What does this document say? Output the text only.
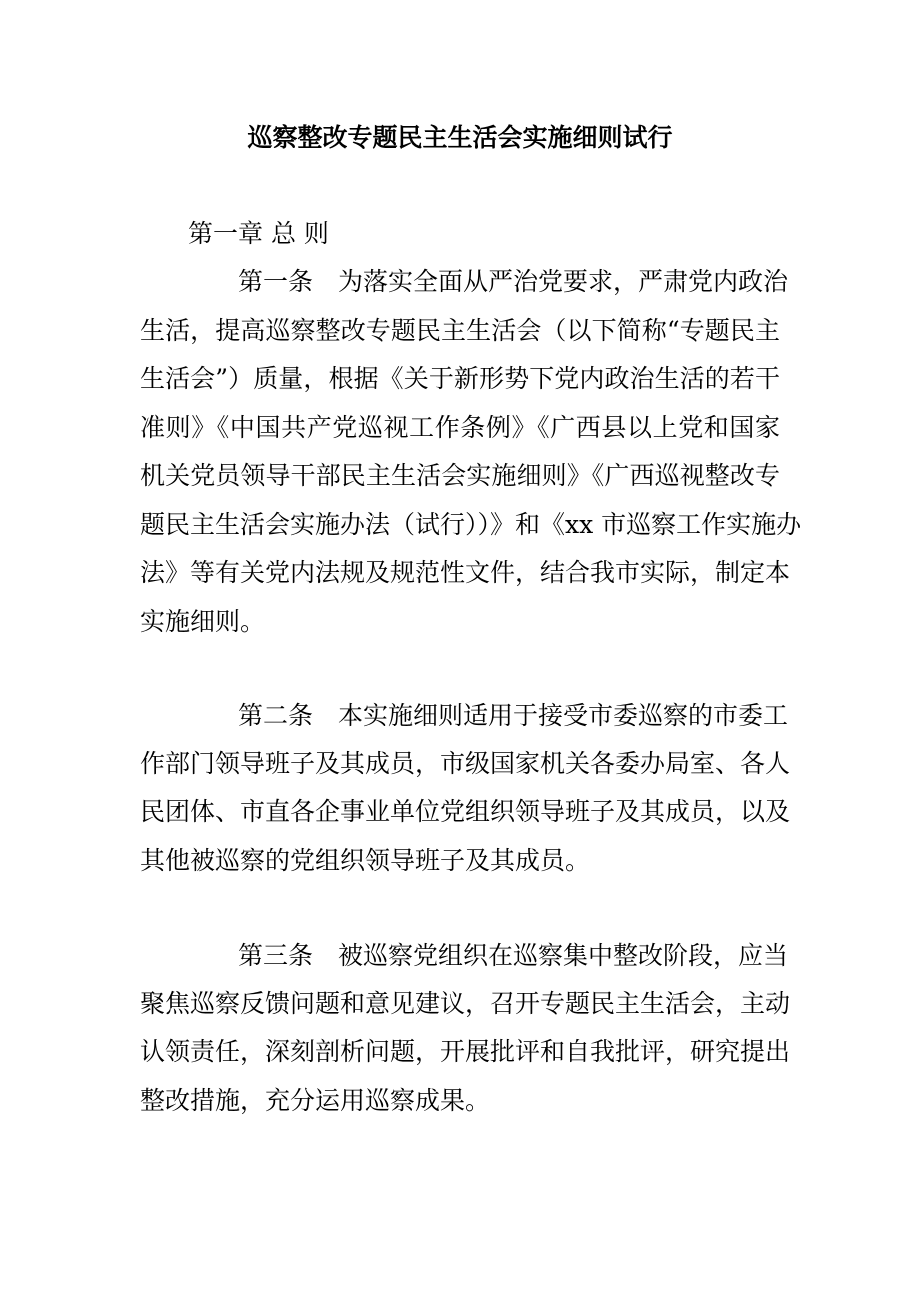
巡察整改专题民主生活会实施细则试行
第一章 总 则
第一条　为落实全面从严治党要求，严肃党内政治
生活，提高巡察整改专题民主生活会（以下简称“专题民主
生活会”）质量，根据《关于新形势下党内政治生活的若干
准则》《中国共产党巡视工作条例》《广西县以上党和国家
机关党员领导干部民主生活会实施细则》《广西巡视整改专
题民主生活会实施办法（试行））》和《xx 市巡察工作实施办
法》等有关党内法规及规范性文件，结合我市实际，制定本
实施细则。
第二条　本实施细则适用于接受市委巡察的市委工
作部门领导班子及其成员，市级国家机关各委办局室、各人
民团体、市直各企事业单位党组织领导班子及其成员，以及
其他被巡察的党组织领导班子及其成员。
第三条　被巡察党组织在巡察集中整改阶段，应当
聚焦巡察反馈问题和意见建议，召开专题民主生活会，主动
认领责任，深刻剖析问题，开展批评和自我批评，研究提出
整改措施，充分运用巡察成果。
